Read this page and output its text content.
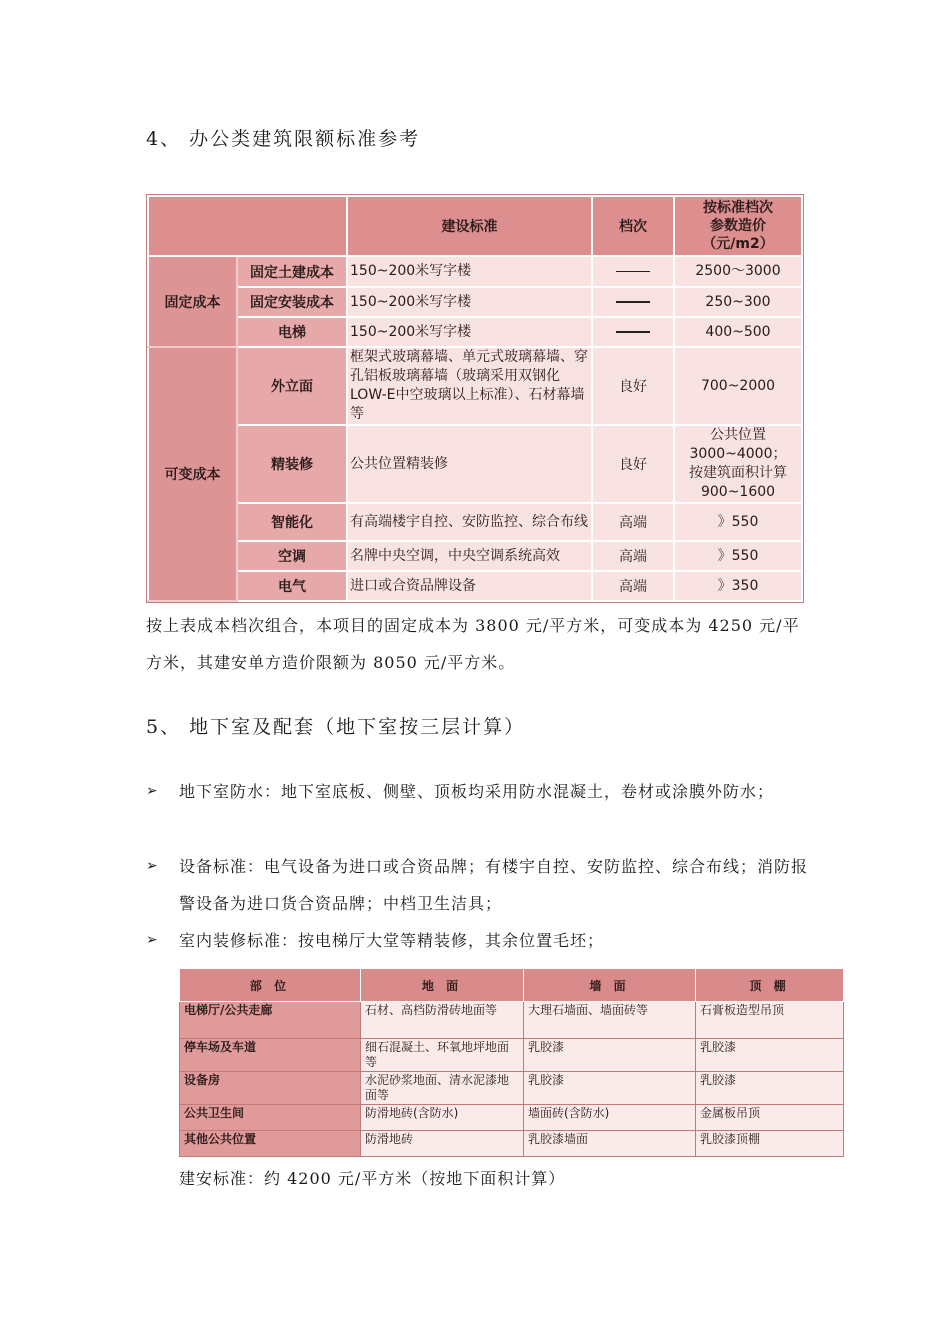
4、 办公类建筑限额标准参考
		建设标准	档次	按标准档次
参数造价
（元/m2）
固定成本	固定土建成本	150~200米写字楼		2500～3000
	固定安装成本	150~200米写字楼		250~300
	电梯	150~200米写字楼		400~500
可变成本	外立面	框架式玻璃幕墙、单元式玻璃幕墙、穿孔铝板玻璃幕墙（玻璃采用双钢化LOW-E中空玻璃以上标准）、石材幕墙等	良好	700~2000
	精装修	公共位置精装修	良好	公共位置
3000~4000；
按建筑面积计算
900~1600
	智能化	有高端楼宇自控、安防监控、综合布线	高端	》550
	空调	名牌中央空调，中央空调系统高效	高端	》550
	电气	进口或合资品牌设备	高端	》350

按上表成本档次组合，本项目的固定成本为 3800 元/平方米，可变成本为 4250 元/平方米，其建安单方造价限额为 8050 元/平方米。

5、 地下室及配套（地下室按三层计算）
➢ 地下室防水：地下室底板、侧壁、顶板均采用防水混凝土，卷材或涂膜外防水；
➢ 设备标准：电气设备为进口或合资品牌；有楼宇自控、安防监控、综合布线；消防报警设备为进口货合资品牌；中档卫生洁具；
➢ 室内装修标准：按电梯厅大堂等精装修，其余位置毛坯；
部 位	地 面	墙 面	顶 棚
电梯厅/公共走廊	石材、高档防滑砖地面等	大理石墙面、墙面砖等	石膏板造型吊顶
停车场及车道	细石混凝土、环氧地坪地面等	乳胶漆	乳胶漆
设备房	水泥砂浆地面、清水泥漆地面等	乳胶漆	乳胶漆
公共卫生间	防滑地砖(含防水)	墙面砖(含防水)	金属板吊顶
其他公共位置	防滑地砖	乳胶漆墙面	乳胶漆顶棚

建安标准：约 4200 元/平方米（按地下面积计算）
